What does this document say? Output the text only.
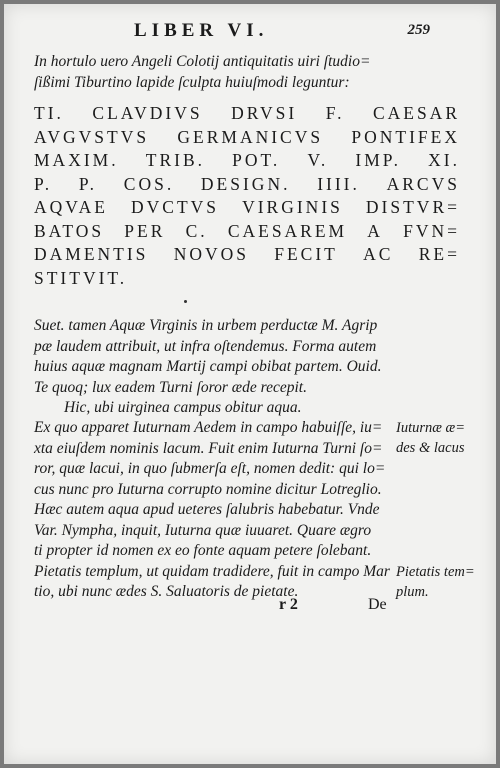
LIBER VI.	259
In hortulo uero Angeli Colotij antiquitatis uiri ſtudio=
ſißimi Tiburtino lapide ſculpta huiuſmodi leguntur:
TI. CLAVDIVS DRVSI F. CAESAR
AVGVSTVS GERMANICVS PONTIFEX
MAXIM. TRIB. POT. V. IMP. XI.
P. P. COS. DESIGN. IIII. ARCVS
AQVAE DVCTVS VIRGINIS DISTVR=
BATOS PER C. CAESAREM A FVN=
DAMENTIS NOVOS FECIT AC RE=
STITVIT.
Suet. tamen Aquæ Virginis in urbem perductæ M. Agrip
pæ laudem attribuit, ut infra oſtendemus. Forma autem
huius aquæ magnam Martij campi obibat partem. Ouid.
Te quoq; lux eadem Turni ſoror æde recepit.
Hic, ubi uirginea campus obitur aqua.
Ex quo apparet Iuturnam Aedem in campo habuiſſe, iu=
xta eiuſdem nominis lacum. Fuit enim Iuturna Turni ſo=
ror, quæ lacui, in quo ſubmerſa eſt, nomen dedit: qui lo=
cus nunc pro Iuturna corrupto nomine dicitur Lotreglio.
Hæc autem aqua apud ueteres ſalubris habebatur. Vnde
Var. Nympha, inquit, Iuturna quæ iuuaret. Quare ægro
ti propter id nomen ex eo fonte aquam petere ſolebant.
Pietatis templum, ut quidam tradidere, fuit in campo Mar
tio, ubi nunc ædes S. Saluatoris de pietate.
Iuturnæ æ=
des & lacus
Pietatis tem=
plum.
r 2	De
